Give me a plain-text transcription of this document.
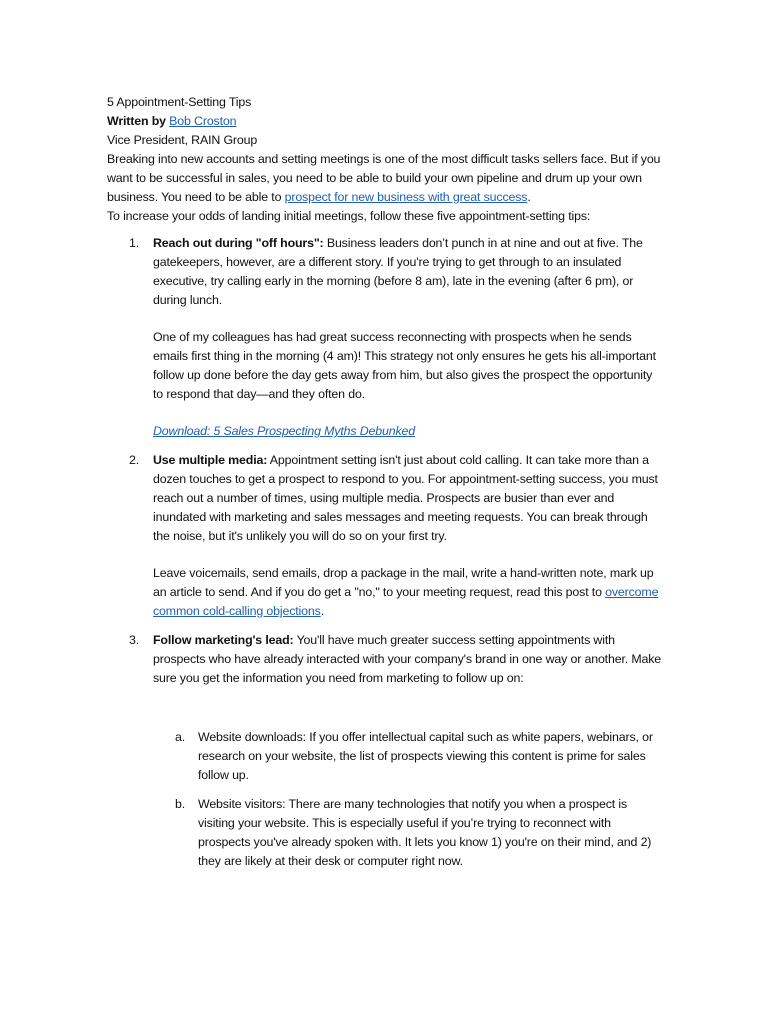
5 Appointment-Setting Tips

Written by Bob Croston

Vice President, RAIN Group

Breaking into new accounts and setting meetings is one of the most difficult tasks sellers face. But if you want to be successful in sales, you need to be able to build your own pipeline and drum up your own business. You need to be able to prospect for new business with great success.

To increase your odds of landing initial meetings, follow these five appointment-setting tips:

1. Reach out during "off hours": Business leaders don’t punch in at nine and out at five. The gatekeepers, however, are a different story. If you're trying to get through to an insulated executive, try calling early in the morning (before 8 am), late in the evening (after 6 pm), or during lunch.

One of my colleagues has had great success reconnecting with prospects when he sends emails first thing in the morning (4 am)! This strategy not only ensures he gets his all-important follow up done before the day gets away from him, but also gives the prospect the opportunity to respond that day—and they often do.

Download: 5 Sales Prospecting Myths Debunked

2. Use multiple media: Appointment setting isn't just about cold calling. It can take more than a dozen touches to get a prospect to respond to you. For appointment-setting success, you must reach out a number of times, using multiple media. Prospects are busier than ever and inundated with marketing and sales messages and meeting requests. You can break through the noise, but it's unlikely you will do so on your first try.

Leave voicemails, send emails, drop a package in the mail, write a hand-written note, mark up an article to send. And if you do get a "no," to your meeting request, read this post to overcome common cold-calling objections.

3. Follow marketing's lead: You'll have much greater success setting appointments with prospects who have already interacted with your company's brand in one way or another. Make sure you get the information you need from marketing to follow up on:

a. Website downloads: If you offer intellectual capital such as white papers, webinars, or research on your website, the list of prospects viewing this content is prime for sales follow up.

b. Website visitors: There are many technologies that notify you when a prospect is visiting your website. This is especially useful if you’re trying to reconnect with prospects you've already spoken with. It lets you know 1) you're on their mind, and 2) they are likely at their desk or computer right now.
